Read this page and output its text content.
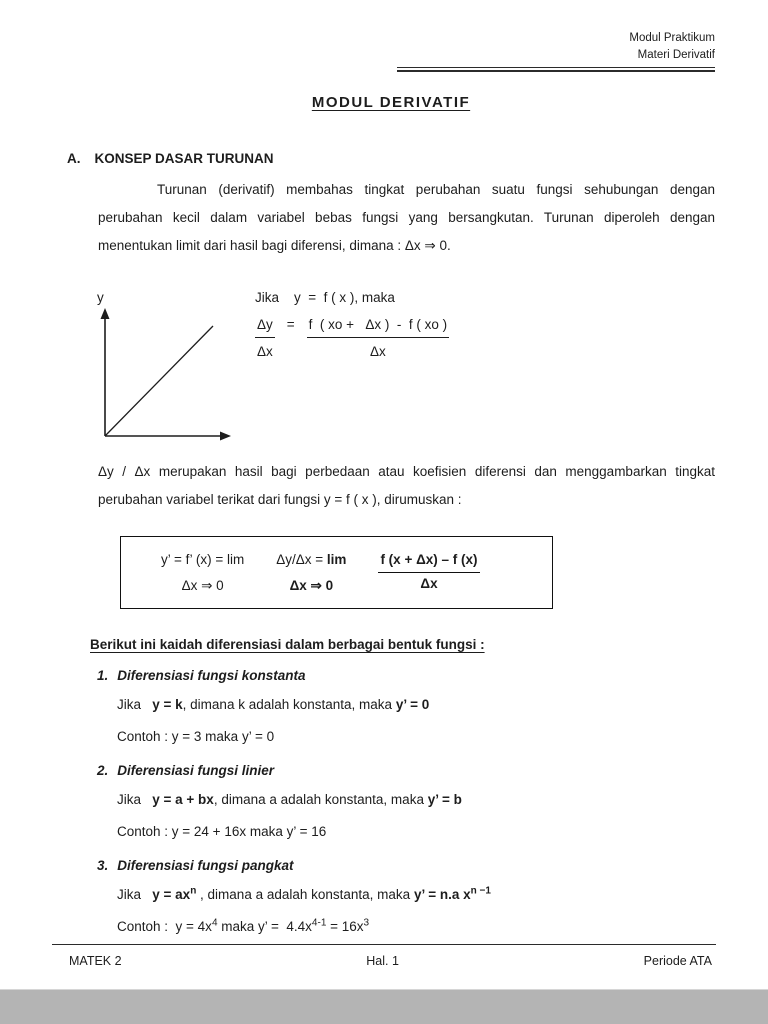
Modul Praktikum
Materi Derivatif
MODUL DERIVATIF
A. KONSEP DASAR TURUNAN

Turunan (derivatif) membahas tingkat perubahan suatu fungsi sehubungan dengan perubahan kecil dalam variabel bebas fungsi yang bersangkutan. Turunan diperoleh dengan menentukan limit dari hasil bagi diferensi, dimana : Δx ⇒ 0.

y	Jika    y  =  f ( x ), maka
$\frac{\Delta y}{\Delta x} = \frac{f ( xo + \Delta x ) - f ( xo )}{\Delta x}$

Δy / Δx merupakan hasil bagi perbedaan atau koefisien diferensi dan menggambarkan tingkat perubahan variabel terikat dari fungsi y = f ( x ), dirumuskan :

y’ = f’ (x) = lim
Δx ⇒ 0
Δy/Δx = lim
Δx ⇒ 0	$\frac{f (x + \Delta x) - f (x)}{\Delta x}$
Berikut ini kaidah diferensiasi dalam berbagai bentuk fungsi :
1. Diferensiasi fungsi konstanta
Jika   y = k, dimana k adalah konstanta, maka y’ = 0
Contoh : y = 3 maka y’ = 0
2. Diferensiasi fungsi linier
Jika   y = a + bx, dimana a adalah konstanta, maka y’ = b
Contoh : y = 24 + 16x maka y’ = 16
3. Diferensiasi fungsi pangkat
Jika   $y = ax^n$ , dimana a adalah konstanta, maka y’ = n.a $x^{n -1}$
Contoh :  $y = 4x^4$ maka y’ =  $4.4x^{4-1} = 16x^3$
MATEK 2	Hal. 1	Periode ATA
